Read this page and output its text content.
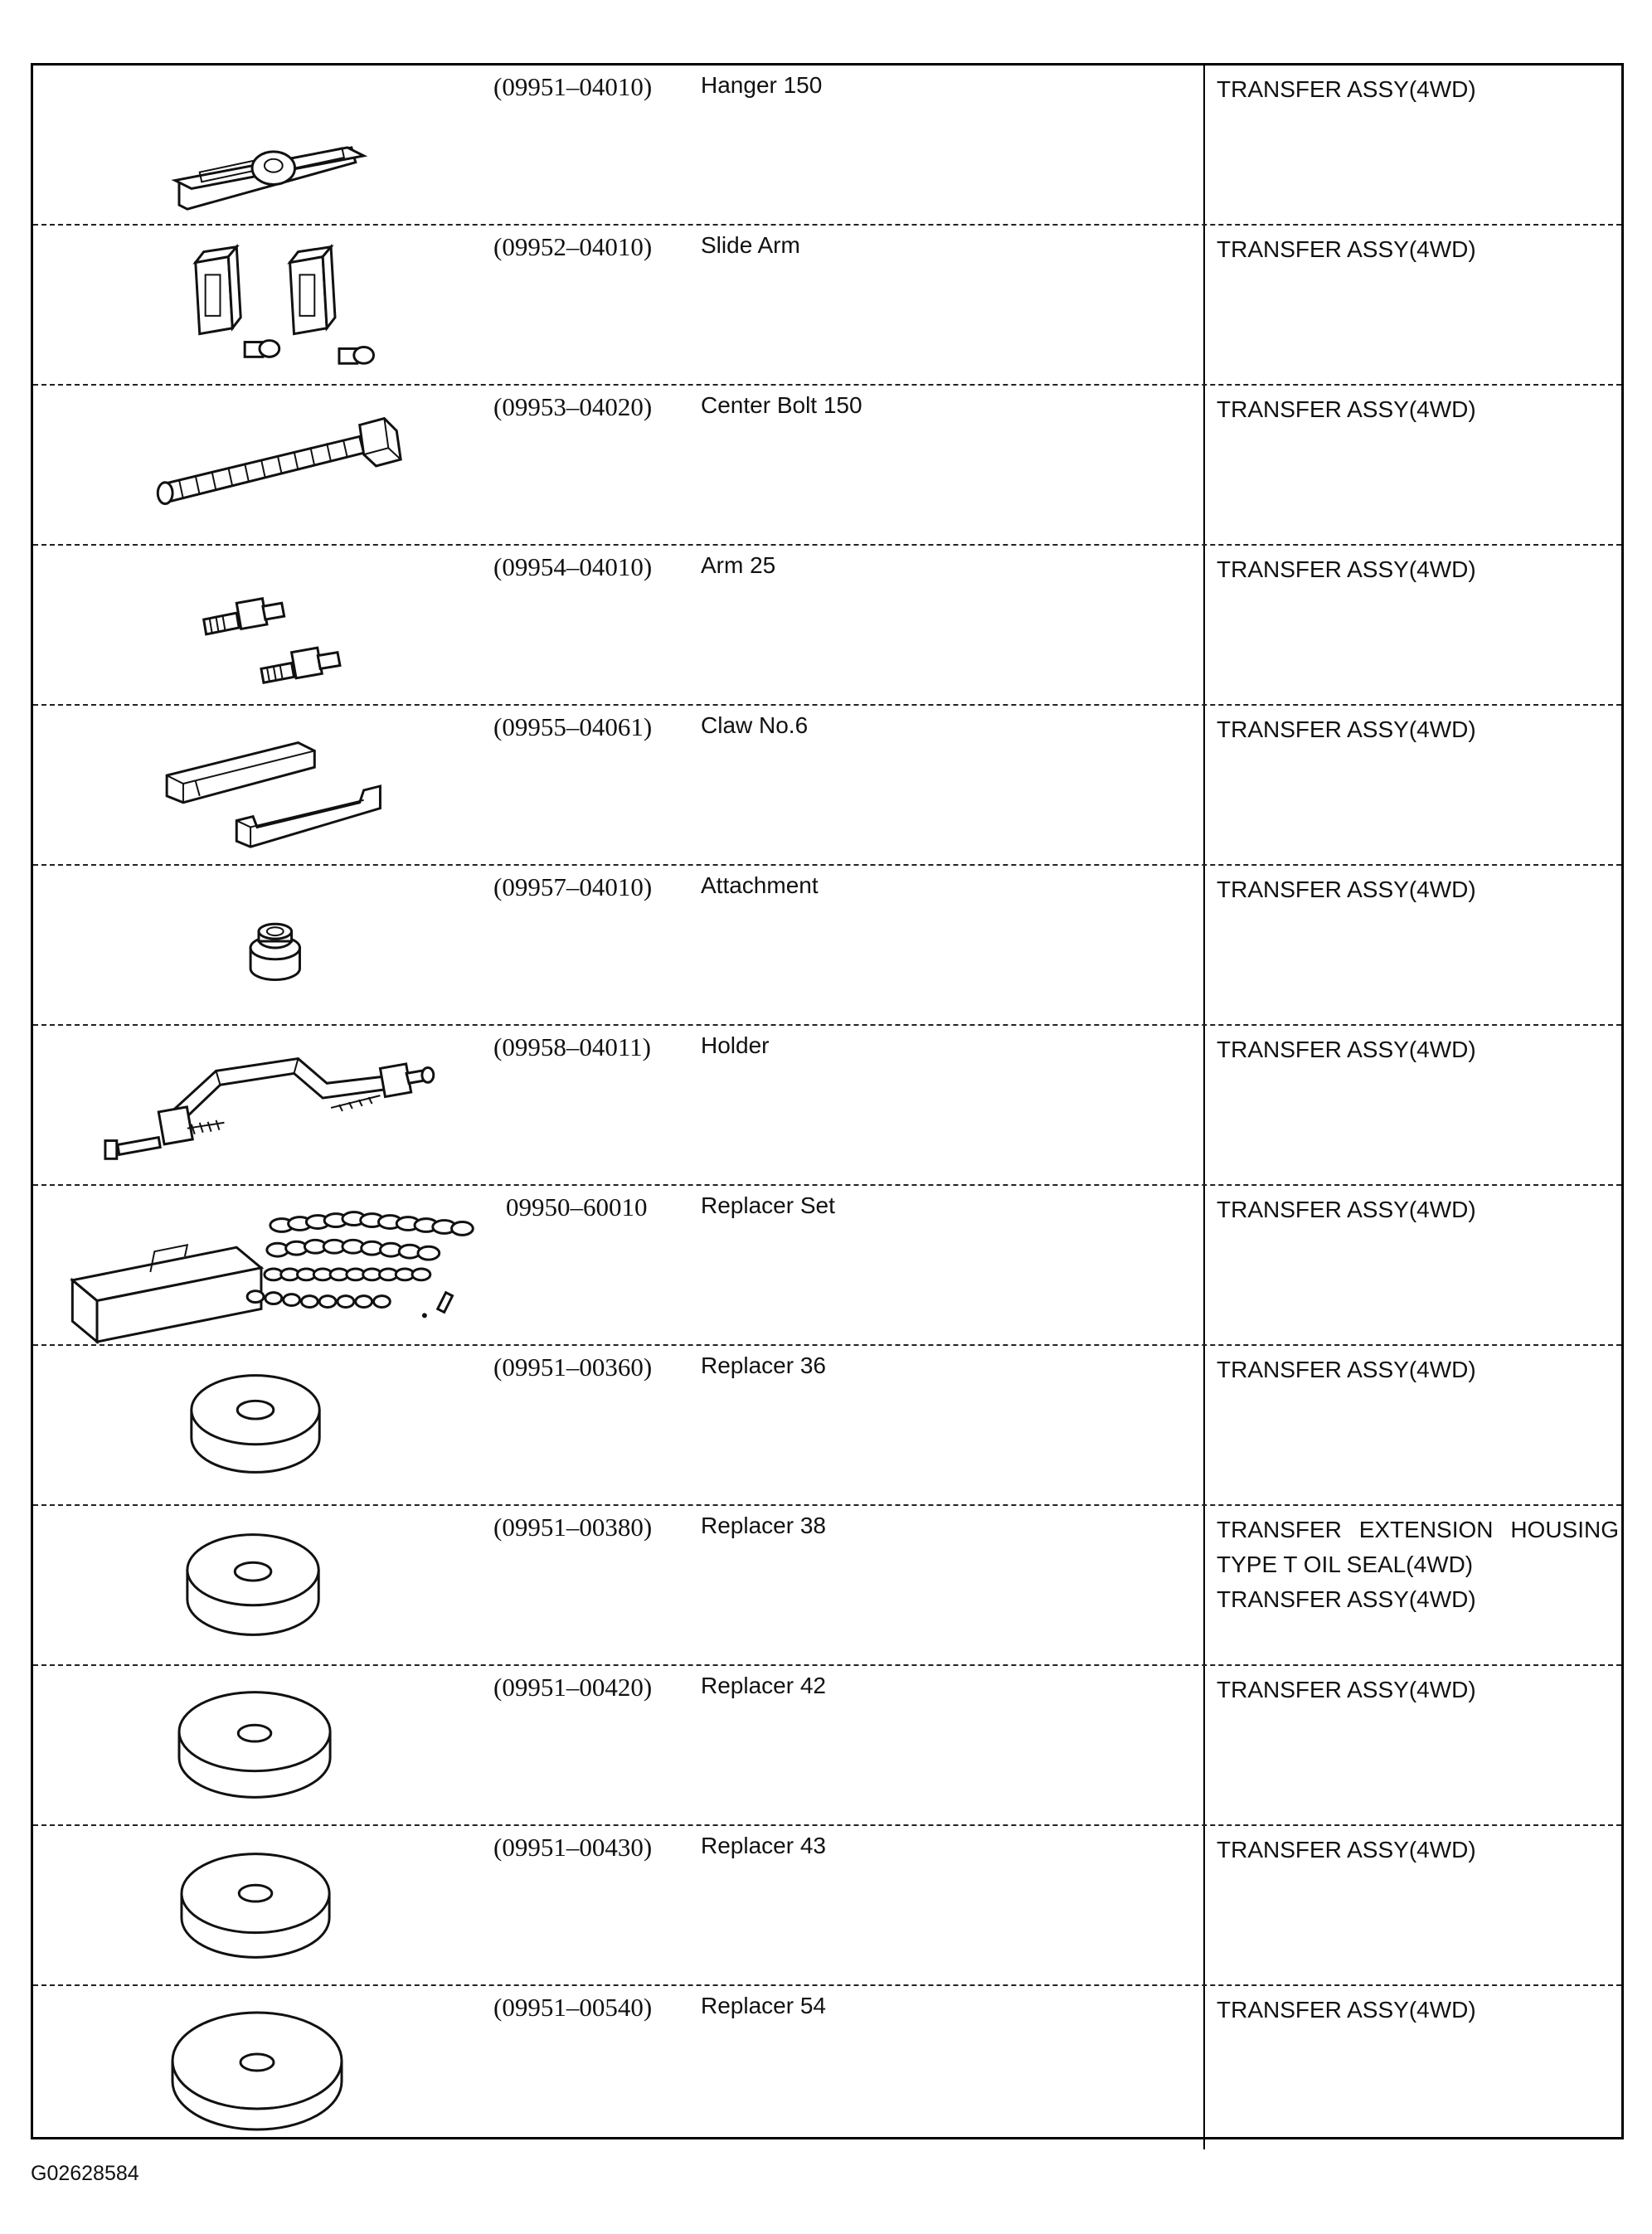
(09951–04010) Hanger 150	TRANSFER ASSY(4WD)
(09952–04010) Slide Arm	TRANSFER ASSY(4WD)
(09953–04020) Center Bolt 150	TRANSFER ASSY(4WD)
(09954–04010) Arm 25	TRANSFER ASSY(4WD)
(09955–04061) Claw No.6	TRANSFER ASSY(4WD)
(09957–04010) Attachment	TRANSFER ASSY(4WD)
(09958–04011) Holder	TRANSFER ASSY(4WD)
09950–60010 Replacer Set	TRANSFER ASSY(4WD)
(09951–00360) Replacer 36	TRANSFER ASSY(4WD)
(09951–00380) Replacer 38	TRANSFER EXTENSION HOUSING
TYPE T OIL SEAL(4WD)
TRANSFER ASSY(4WD)
(09951–00420) Replacer 42	TRANSFER ASSY(4WD)
(09951–00430) Replacer 43	TRANSFER ASSY(4WD)
(09951–00540) Replacer 54	TRANSFER ASSY(4WD)
G02628584
